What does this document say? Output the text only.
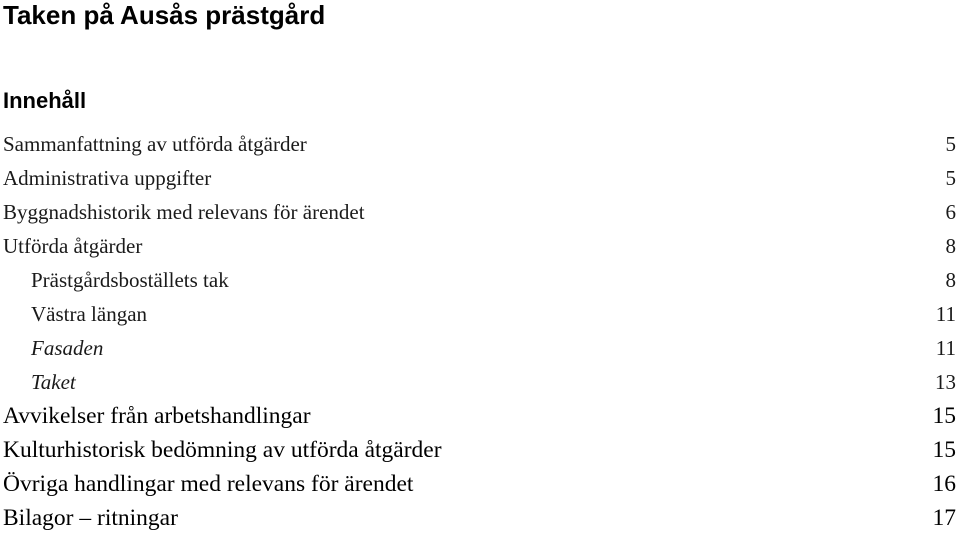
Taken på Ausås prästgård
Innehåll
Sammanfattning av utförda åtgärder	5
Administrativa uppgifter	5
Byggnadshistorik med relevans för ärendet	6
Utförda åtgärder	8
Prästgårdsboställets tak	8
Västra längan	11
Fasaden	11
Taket	13
Avvikelser från arbetshandlingar	15
Kulturhistorisk bedömning av utförda åtgärder	15
Övriga handlingar med relevans för ärendet	16
Bilagor – ritningar	17
